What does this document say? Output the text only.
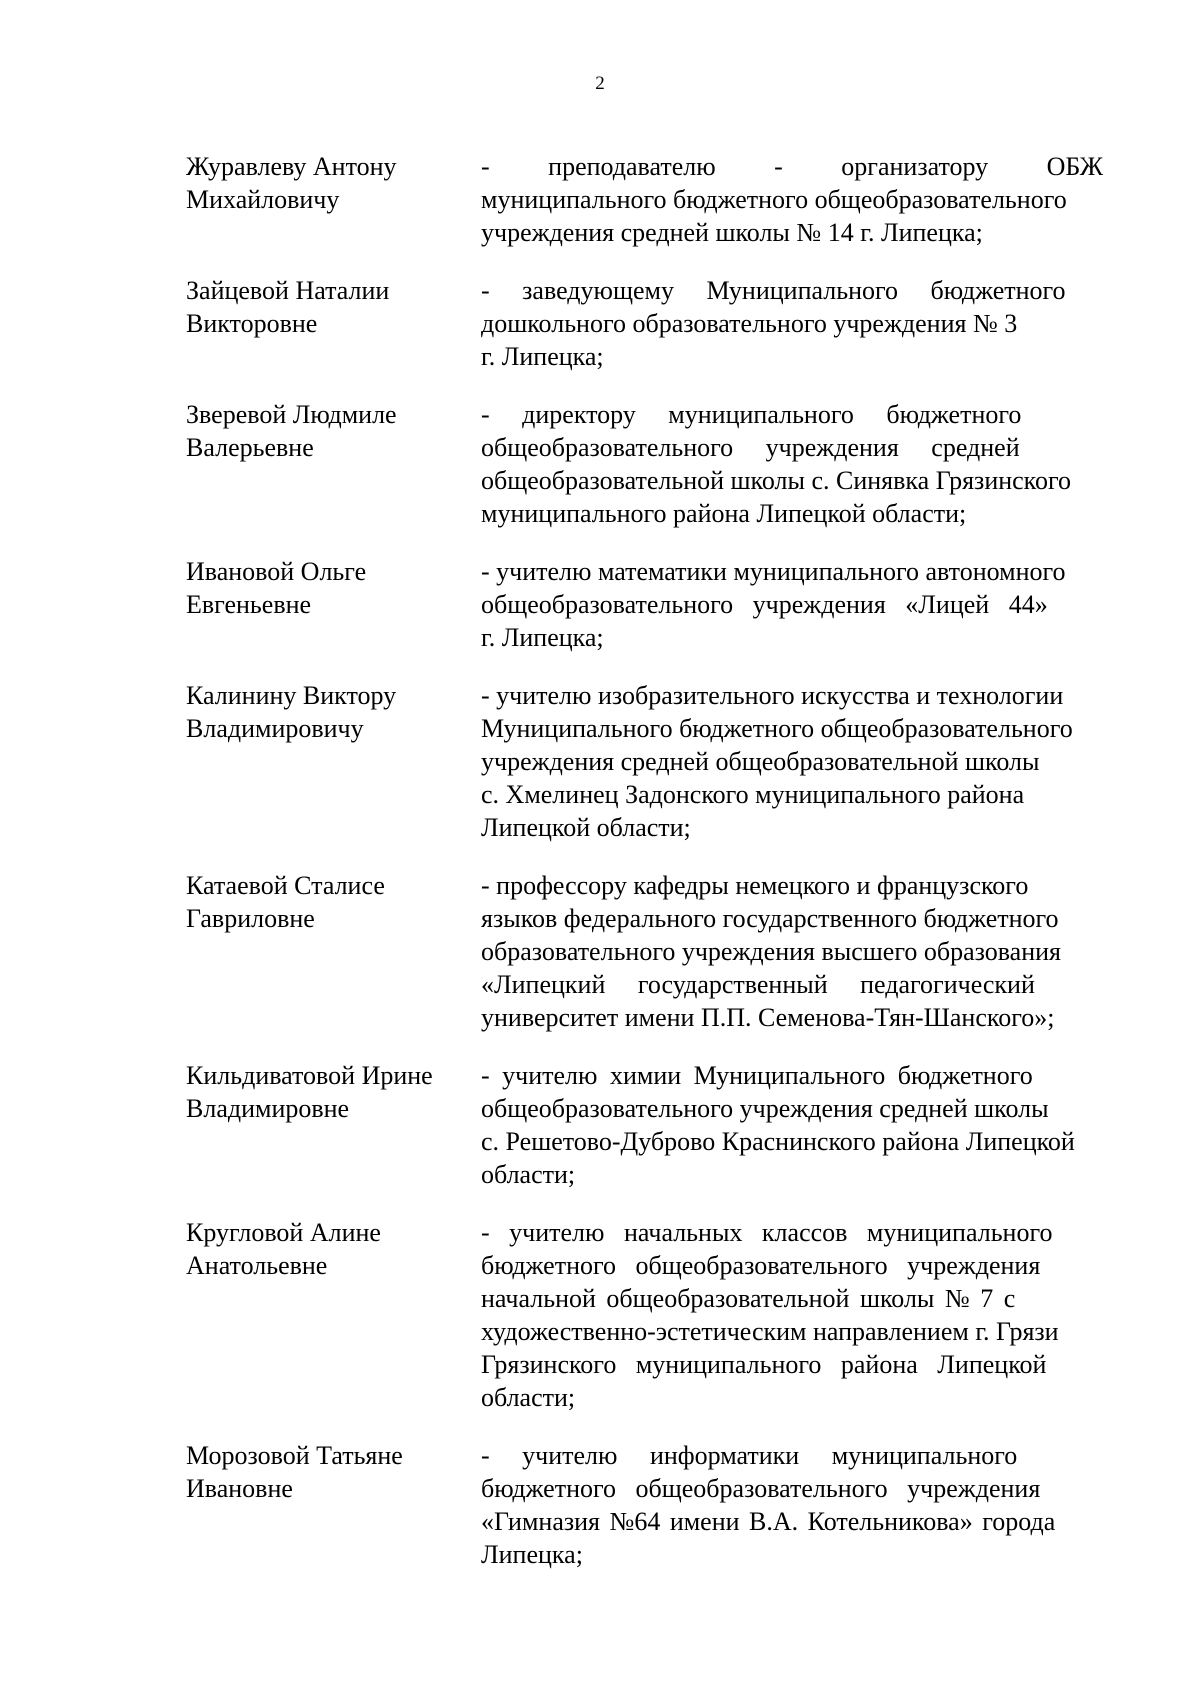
2
Журавлеву Антону
Михайловичу
-         преподавателю         -         организатору         ОБЖ
муниципального бюджетного общеобразовательного
учреждения средней школы № 14 г. Липецка;
Зайцевой Наталии
Викторовне
-     заведующему     Муниципального     бюджетного
дошкольного образовательного учреждения № 3
г. Липецка;
Зверевой Людмиле
Валерьевне
-     директору     муниципального     бюджетного
общеобразовательного     учреждения     средней
общеобразовательной школы с. Синявка Грязинского
муниципального района Липецкой области;
Ивановой Ольге
Евгеньевне
- учителю математики муниципального автономного
общеобразовательного   учреждения   «Лицей   44»
г. Липецка;
Калинину Виктору
Владимировичу
- учителю изобразительного искусства и технологии
Муниципального бюджетного общеобразовательного
учреждения средней общеобразовательной школы
с. Хмелинец Задонского муниципального района
Липецкой области;
Катаевой Сталисе
Гавриловне
- профессору кафедры немецкого и французского
языков федерального государственного бюджетного
образовательного учреждения высшего образования
«Липецкий     государственный     педагогический
университет имени П.П. Семенова-Тян-Шанского»;
Кильдиватовой Ирине
Владимировне
- учителю химии Муниципального бюджетного
общеобразовательного учреждения средней школы
с. Решетово-Дуброво Краснинского района Липецкой
области;
Кругловой Алине
Анатольевне
-   учителю   начальных   классов   муниципального
бюджетного   общеобразовательного   учреждения
начальной общеобразовательной школы № 7 с
художественно-эстетическим направлением г. Грязи
Грязинского   муниципального   района   Липецкой
области;
Морозовой Татьяне
Ивановне
-     учителю     информатики     муниципального
бюджетного   общеобразовательного   учреждения
«Гимназия №64 имени В.А. Котельникова» города
Липецка;
